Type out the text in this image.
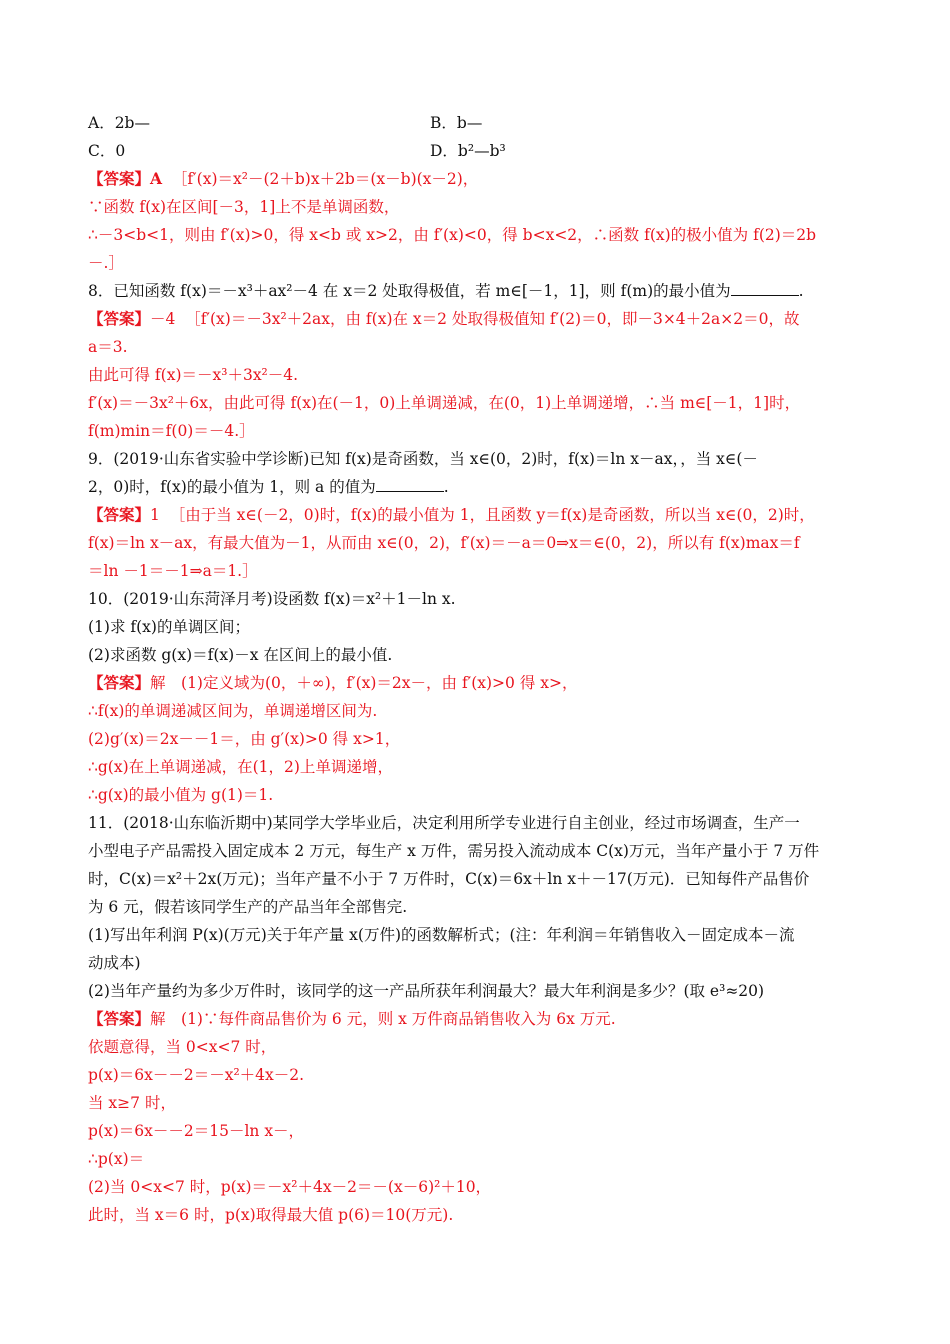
A．2b—	B．b—
C．0	D．b²—b³
【答案】A ［f′(x)＝x²－(2＋b)x＋2b＝(x－b)(x－2)，
∵函数 f(x)在区间[－3，1]上不是单调函数，
∴－3<b<1，则由 f′(x)>0，得 x<b 或 x>2，由 f′(x)<0，得 b<x<2，∴函数 f(x)的极小值为 f(2)＝2b
－.］
8．已知函数 f(x)＝－x³＋ax²－4 在 x＝2 处取得极值，若 m∈[－1，1]，则 f(m)的最小值为	.
【答案】－4 ［f′(x)＝－3x²＋2ax，由 f(x)在 x＝2 处取得极值知 f′(2)＝0，即－3×4＋2a×2＝0，故
a＝3.
由此可得 f(x)＝－x³＋3x²－4.
f′(x)＝－3x²＋6x，由此可得 f(x)在(－1，0)上单调递减，在(0，1)上单调递增，∴当 m∈[－1，1]时，
f(m)min＝f(0)＝－4.］
9．(2019·山东省实验中学诊断)已知 f(x)是奇函数，当 x∈(0，2)时，f(x)＝ln x－ax，，当 x∈(－
2，0)时，f(x)的最小值为 1，则 a 的值为	.
【答案】1 ［由于当 x∈(－2，0)时，f(x)的最小值为 1，且函数 y＝f(x)是奇函数，所以当 x∈(0，2)时，
f(x)＝ln x－ax，有最大值为－1，从而由 x∈(0，2)，f′(x)＝－a＝0⇒x＝∈(0，2)，所以有 f(x)max＝f
＝ln －1＝－1⇒a＝1.］
10．(2019·山东菏泽月考)设函数 f(x)＝x²＋1－ln x.
(1)求 f(x)的单调区间；
(2)求函数 g(x)＝f(x)－x 在区间上的最小值.
【答案】解　(1)定义域为(0，＋∞)，f′(x)＝2x－，由 f′(x)>0 得 x>，
∴f(x)的单调递减区间为，单调递增区间为.
(2)g′(x)＝2x－－1＝，由 g′(x)>0 得 x>1，
∴g(x)在上单调递减，在(1，2)上单调递增，
∴g(x)的最小值为 g(1)＝1.
11．(2018·山东临沂期中)某同学大学毕业后，决定利用所学专业进行自主创业，经过市场调查，生产一
小型电子产品需投入固定成本 2 万元，每生产 x 万件，需另投入流动成本 C(x)万元，当年产量小于 7 万件
时，C(x)＝x²＋2x(万元)；当年产量不小于 7 万件时，C(x)＝6x＋ln x＋－17(万元)．已知每件产品售价
为 6 元，假若该同学生产的产品当年全部售完.
(1)写出年利润 P(x)(万元)关于年产量 x(万件)的函数解析式；(注：年利润＝年销售收入－固定成本－流
动成本)
(2)当年产量约为多少万件时，该同学的这一产品所获年利润最大？最大年利润是多少？(取 e³≈20)
【答案】解　(1)∵每件商品售价为 6 元，则 x 万件商品销售收入为 6x 万元.
依题意得，当 0<x<7 时，
p(x)＝6x－－2＝－x²＋4x－2.
当 x≥7 时，
p(x)＝6x－－2＝15－ln x－，
∴p(x)＝
(2)当 0<x<7 时，p(x)＝－x²＋4x－2＝－(x－6)²＋10，
此时，当 x＝6 时，p(x)取得最大值 p(6)＝10(万元).
